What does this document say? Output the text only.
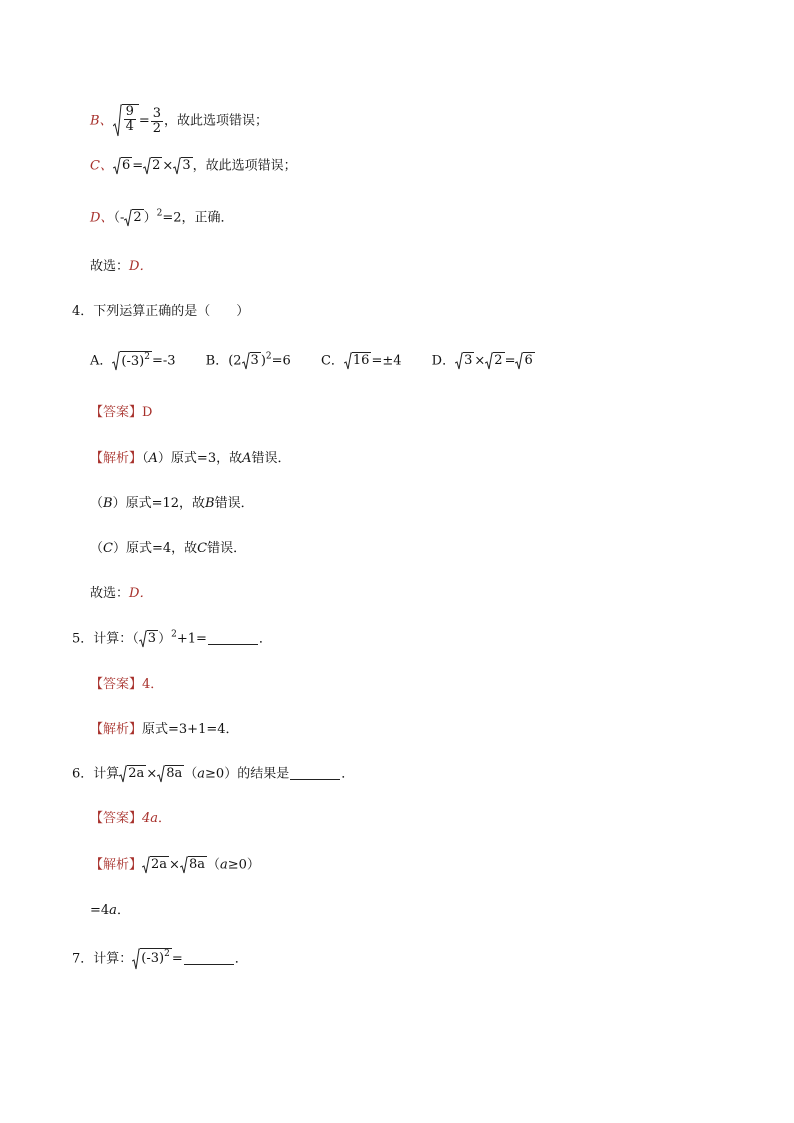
B、 $\frac{9}{4} = \frac{3}{2}$ ，故此选项错误；
C、 6 = 2 × 3 ，故此选项错误；
D、（- 2 ）$^2$=2，正确．
故选：D．
4．下列运算正确的是（　　）
A． $(-3)^2 =-3$ B．(2 3 )$^2$=6 C． 16 =±4 D． 3 × 2 = 6
【答案】D
【解析】（A）原式=3，故A错误．
（B）原式=12，故B错误．
（C）原式=4，故C错误．
故选：D．
5．计算：（ 3 ）$^2$+1=	．
【答案】4．
【解析】原式=3+1=4．
6．计算 2a × 8a （a≥0）的结果是	．
【答案】4a．
【解析】 2a × 8a （a≥0）
=4a．
7．计算： $(-3)^2$ =	．
